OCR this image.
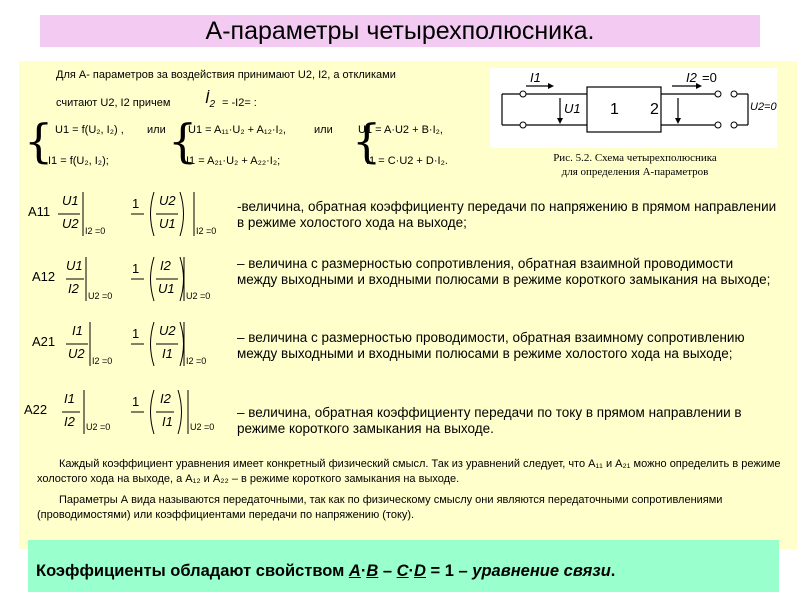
А-параметры четырехполюсника.
Для А- параметров за воздействия принимают U2, I2, а откликами
считают U2, I2 причем $İ_2 = -I2=$ :
{ {	{
U1 = f(U₂, I₂) ,
I1 = f(U₂, I₂);
или U1 = A₁₁·U₂ + A₁₂·I₂,
I1 = A₂₁·U₂ + A₂₂·I₂;
или U1 = A·U2 + B·I₂,
I1 = C·U2 + D·I₂.
I1
U1 1 2
I2 =0
U2=0
Рис. 5.2. Схема четырехполюсника
для определения А-параметров
A11
U1
U2 I2 =0
1 U2
U1 I2 =0
A12
U1
I2 U2 =0
1 I2
U1 U2 =0
A21
I1
U2 I2 =0
1 U2
I1 I2 =0
A22
I1
I2 U2 =0
1 I2
I1 U2 =0
-величина, обратная коэффициенту передачи по напряжению в прямом направлении в режиме холостого хода на выходе;
– величина с размерностью сопротивления, обратная взаимной проводимости между выходными и входными полюсами в режиме короткого замыкания на выходе;
– величина с размерностью проводимости, обратная взаимному сопротивлению между выходными и входными полюсами в режиме холостого хода на выходе;
– величина, обратная коэффициенту передачи по току в прямом направлении в режиме короткого замыкания на выходе.
Каждый коэффициент уравнения имеет конкретный физический смысл. Так из уравнений следует, что A₁₁ и A₂₁ можно определить в режиме холостого хода на выходе, а A₁₂ и A₂₂ – в режиме короткого замыкания на выходе.
Параметры А вида называются передаточными, так как по физическому смыслу они являются передаточными сопротивлениями (проводимостями) или коэффициентами передачи по напряжению (току).
Коэффициенты обладают свойством A·B – C·D = 1 – уравнение связи.
